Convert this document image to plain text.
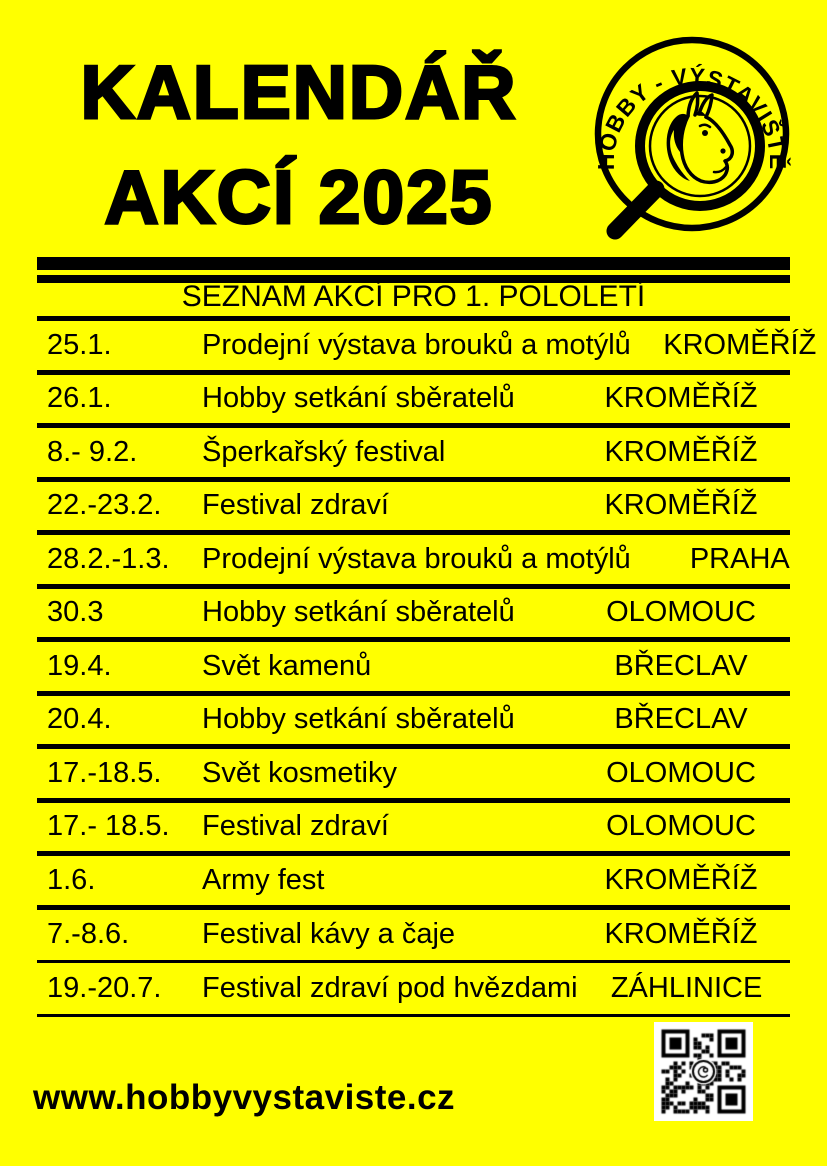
KALENDÁŘ
AKCÍ 2025	HOBBY - VÝSTAVIŠTĚ
SEZNAM AKCÍ PRO 1. POLOLETÍ
25.1.	Prodejní výstava brouků a motýlů	KROMĚŘÍŽ
26.1.	Hobby setkání sběratelů	KROMĚŘÍŽ
8.- 9.2.	Šperkařský festival	KROMĚŘÍŽ
22.-23.2.	Festival zdraví	KROMĚŘÍŽ
28.2.-1.3.	Prodejní výstava brouků a motýlů	PRAHA
30.3	Hobby setkání sběratelů	OLOMOUC
19.4.	Svět kamenů	BŘECLAV
20.4.	Hobby setkání sběratelů	BŘECLAV
17.-18.5.	Svět kosmetiky	OLOMOUC
17.- 18.5.	Festival zdraví	OLOMOUC
1.6.	Army fest	KROMĚŘÍŽ
7.-8.6.	Festival kávy a čaje	KROMĚŘÍŽ
19.-20.7.	Festival zdraví pod hvězdami	ZÁHLINICE
www.hobbyvystaviste.cz
